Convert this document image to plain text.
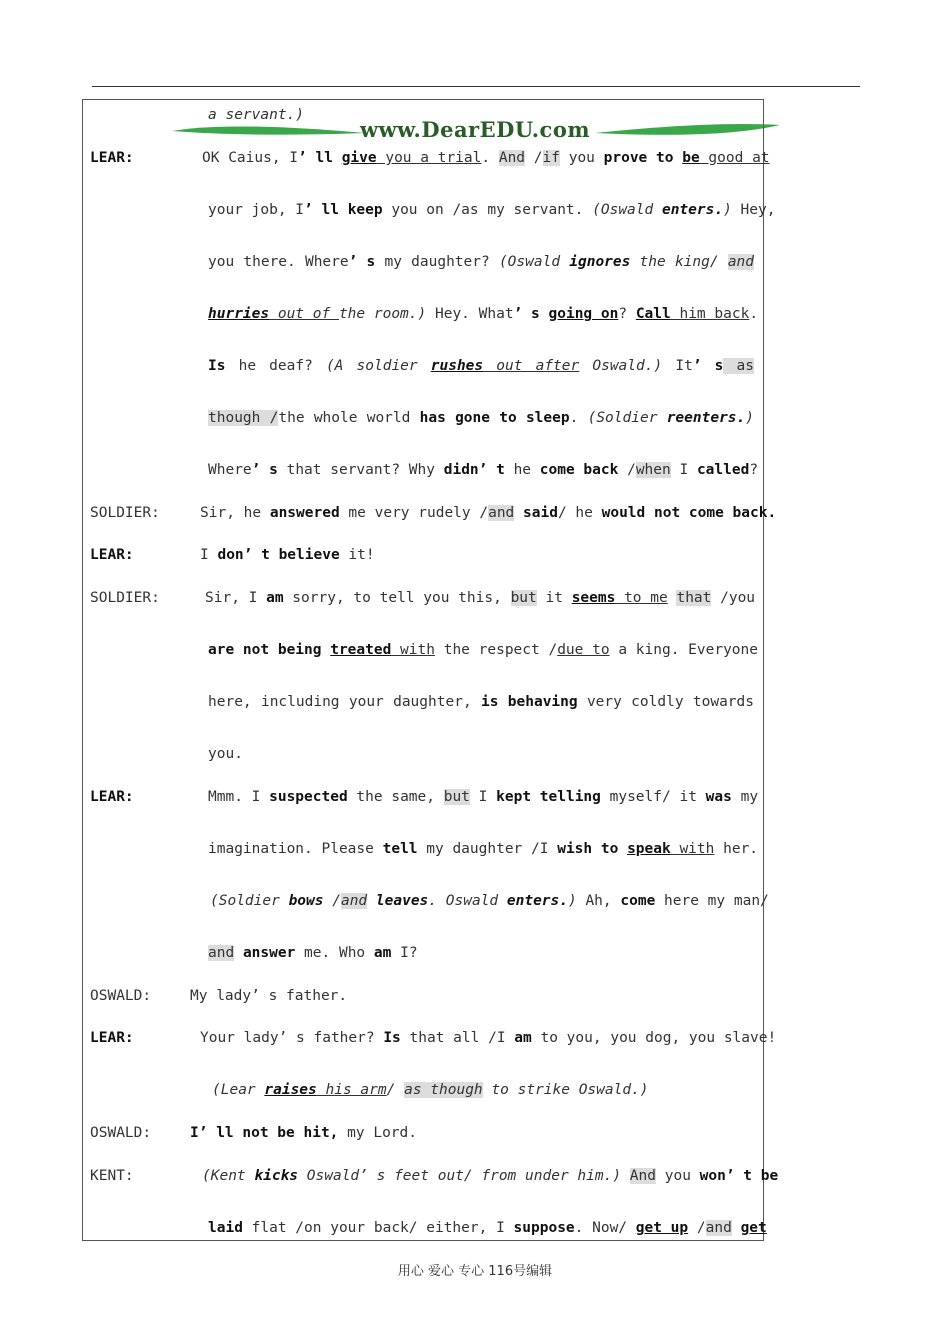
www.DearEDU.com
a servant.)
LEAR:	OK Caius, I’ ll give you a trial. And /if you prove to be good at
your job, I’ ll keep you on /as my servant. (Oswald enters.) Hey,
you there. Where’ s my daughter? (Oswald ignores the king/ and
hurries out of the room.) Hey. What’ s going on? Call him back.
Is he deaf? (A soldier rushes out after Oswald.) It’ s as
though /the whole world has gone to sleep. (Soldier reenters.)
Where’ s that servant? Why didn’ t he come back /when I called?
SOLDIER:	Sir, he answered me very rudely /and said/ he would not come back.
LEAR:	I don’ t believe it!
SOLDIER:	Sir, I am sorry, to tell you this, but it seems to me that /you
are not being treated with the respect /due to a king. Everyone
here, including your daughter, is behaving very coldly towards
you.
LEAR:	Mmm. I suspected the same, but I kept telling myself/ it was my
imagination. Please tell my daughter /I wish to speak with her.
(Soldier bows /and leaves. Oswald enters.) Ah, come here my man/
and answer me. Who am I?
OSWALD:	My lady’ s father.
LEAR:	Your lady’ s father? Is that all /I am to you, you dog, you slave!
(Lear raises his arm/ as though to strike Oswald.)
OSWALD:	I’ ll not be hit, my Lord.
KENT:	(Kent kicks Oswald’ s feet out/ from under him.) And you won’ t be
laid flat /on your back/ either, I suppose. Now/ get up /and get
用心 爱心 专心 116号编辑
